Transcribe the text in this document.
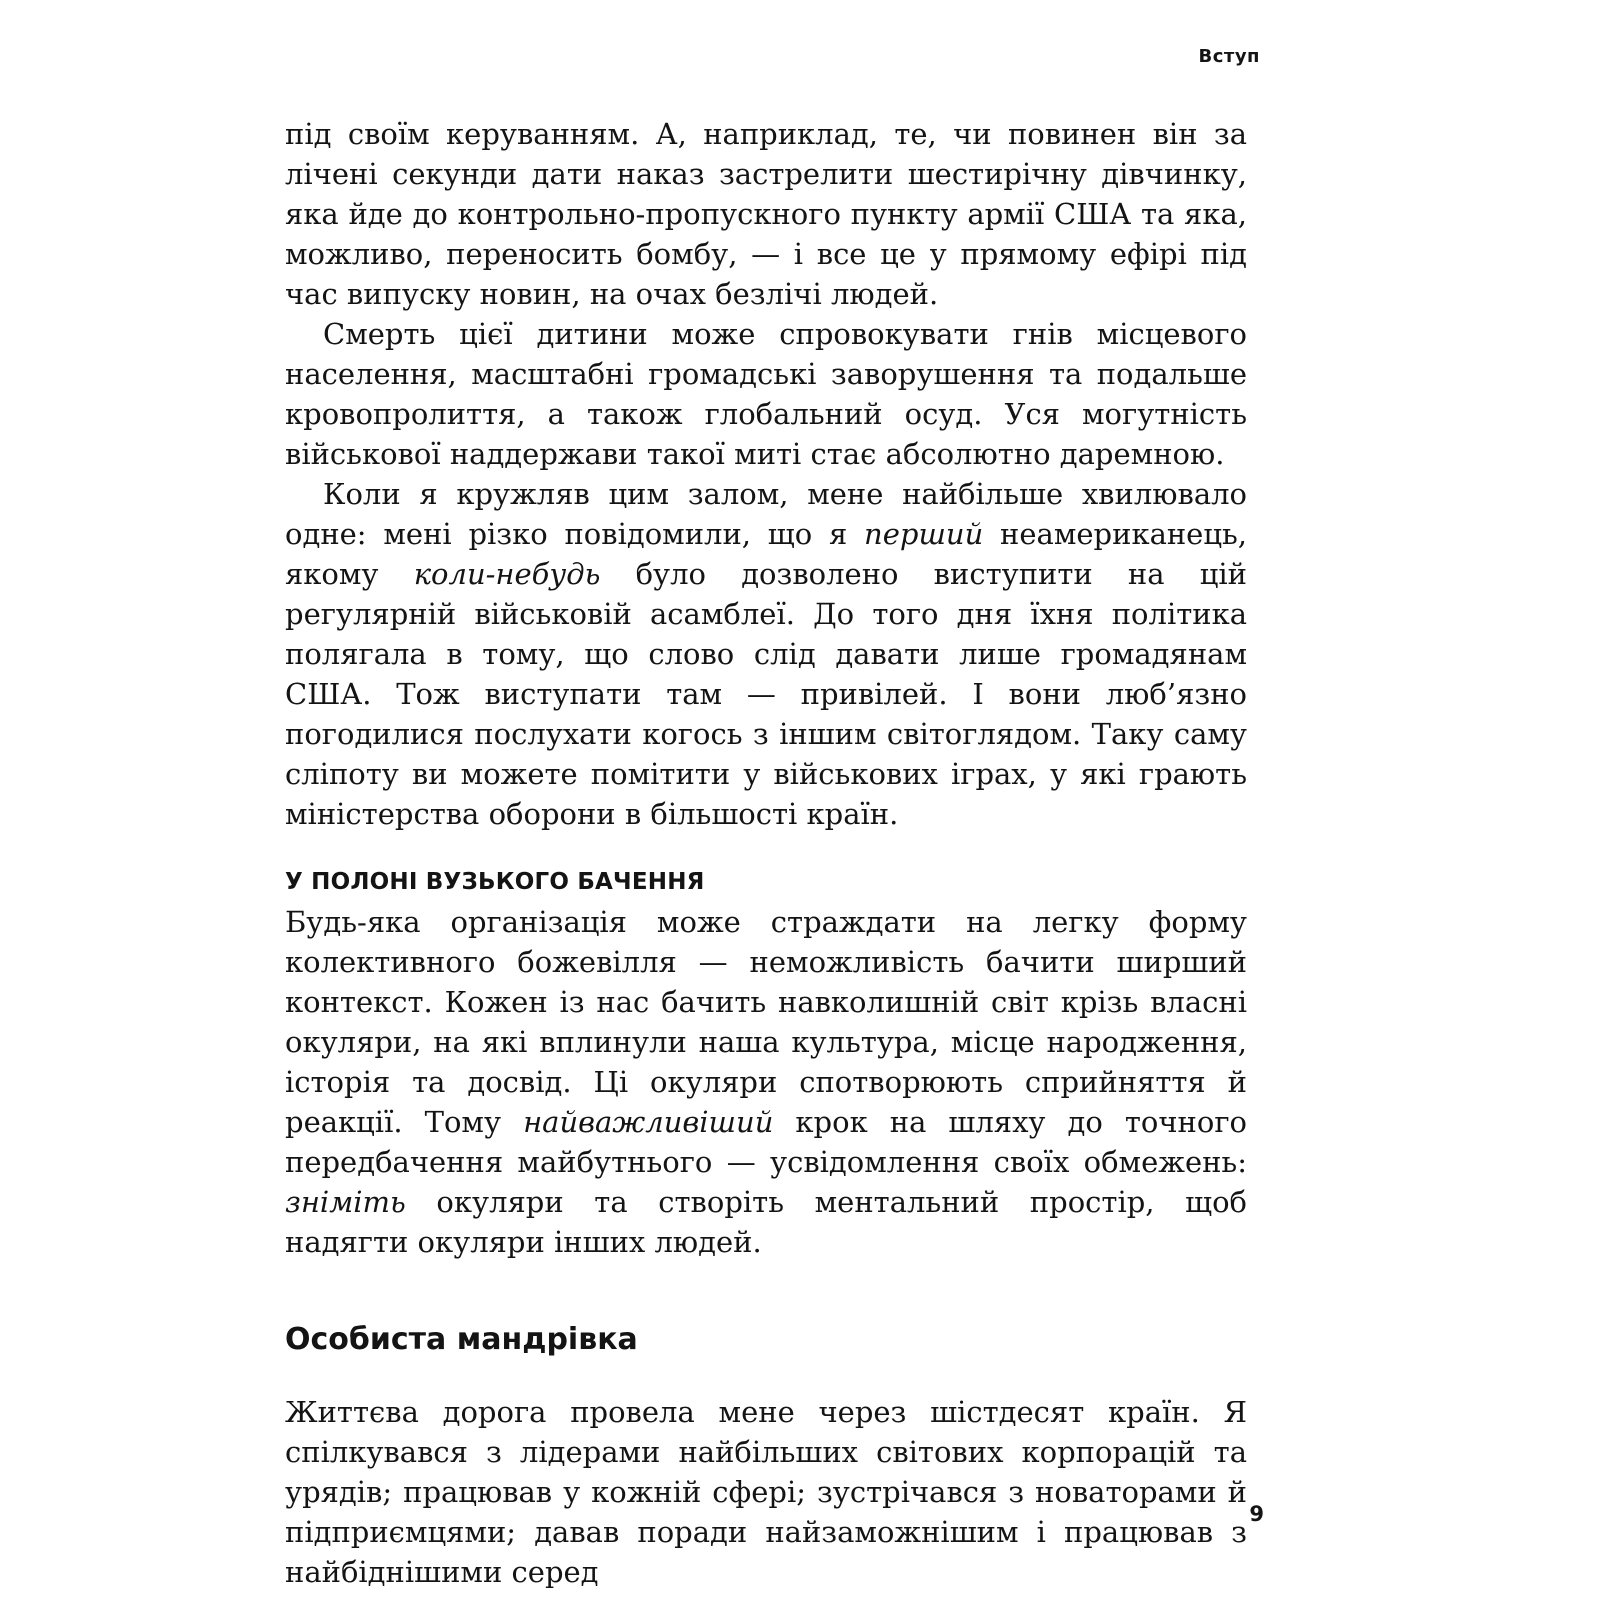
Вступ

під своїм керуванням. А, наприклад, те, чи повинен він за лічені секунди дати наказ застрелити шестирічну дівчинку, яка йде до контрольно-пропускного пункту армії США та яка, можливо, переносить бомбу, — і все це у прямому ефірі під час випуску новин, на очах безлічі людей.

Смерть цієї дитини може спровокувати гнів місцевого населення, масштабні громадські заворушення та подальше кровопролиття, а також глобальний осуд. Уся могутність військової наддержави такої миті стає абсолютно даремною.

Коли я кружляв цим залом, мене найбільше хвилювало одне: мені різко повідомили, що я перший неамериканець, якому коли-небудь було дозволено виступити на цій регулярній військовій асамблеї. До того дня їхня політика полягала в тому, що слово слід давати лише громадянам США. Тож виступати там — привілей. І вони люб’язно погодилися послухати когось з іншим світоглядом. Таку саму сліпоту ви можете помітити у військових іграх, у які грають міністерства оборони в більшості країн.

У ПОЛОНІ ВУЗЬКОГО БАЧЕННЯ

Будь-яка організація може страждати на легку форму колективного божевілля — неможливість бачити ширший контекст. Кожен із нас бачить навколишній світ крізь власні окуляри, на які вплинули наша культура, місце народження, історія та досвід. Ці окуляри спотворюють сприйняття й реакції. Тому найважливіший крок на шляху до точного передбачення майбутнього — усвідомлення своїх обмежень: зніміть окуляри та створіть ментальний простір, щоб надягти окуляри інших людей.

Особиста мандрівка

Життєва дорога провела мене через шістдесят країн. Я спілкувався з лідерами найбільших світових корпорацій та урядів; працював у кожній сфері; зустрічався з новаторами й підприємцями; давав поради найзаможнішим і працював з найбіднішими серед

9
